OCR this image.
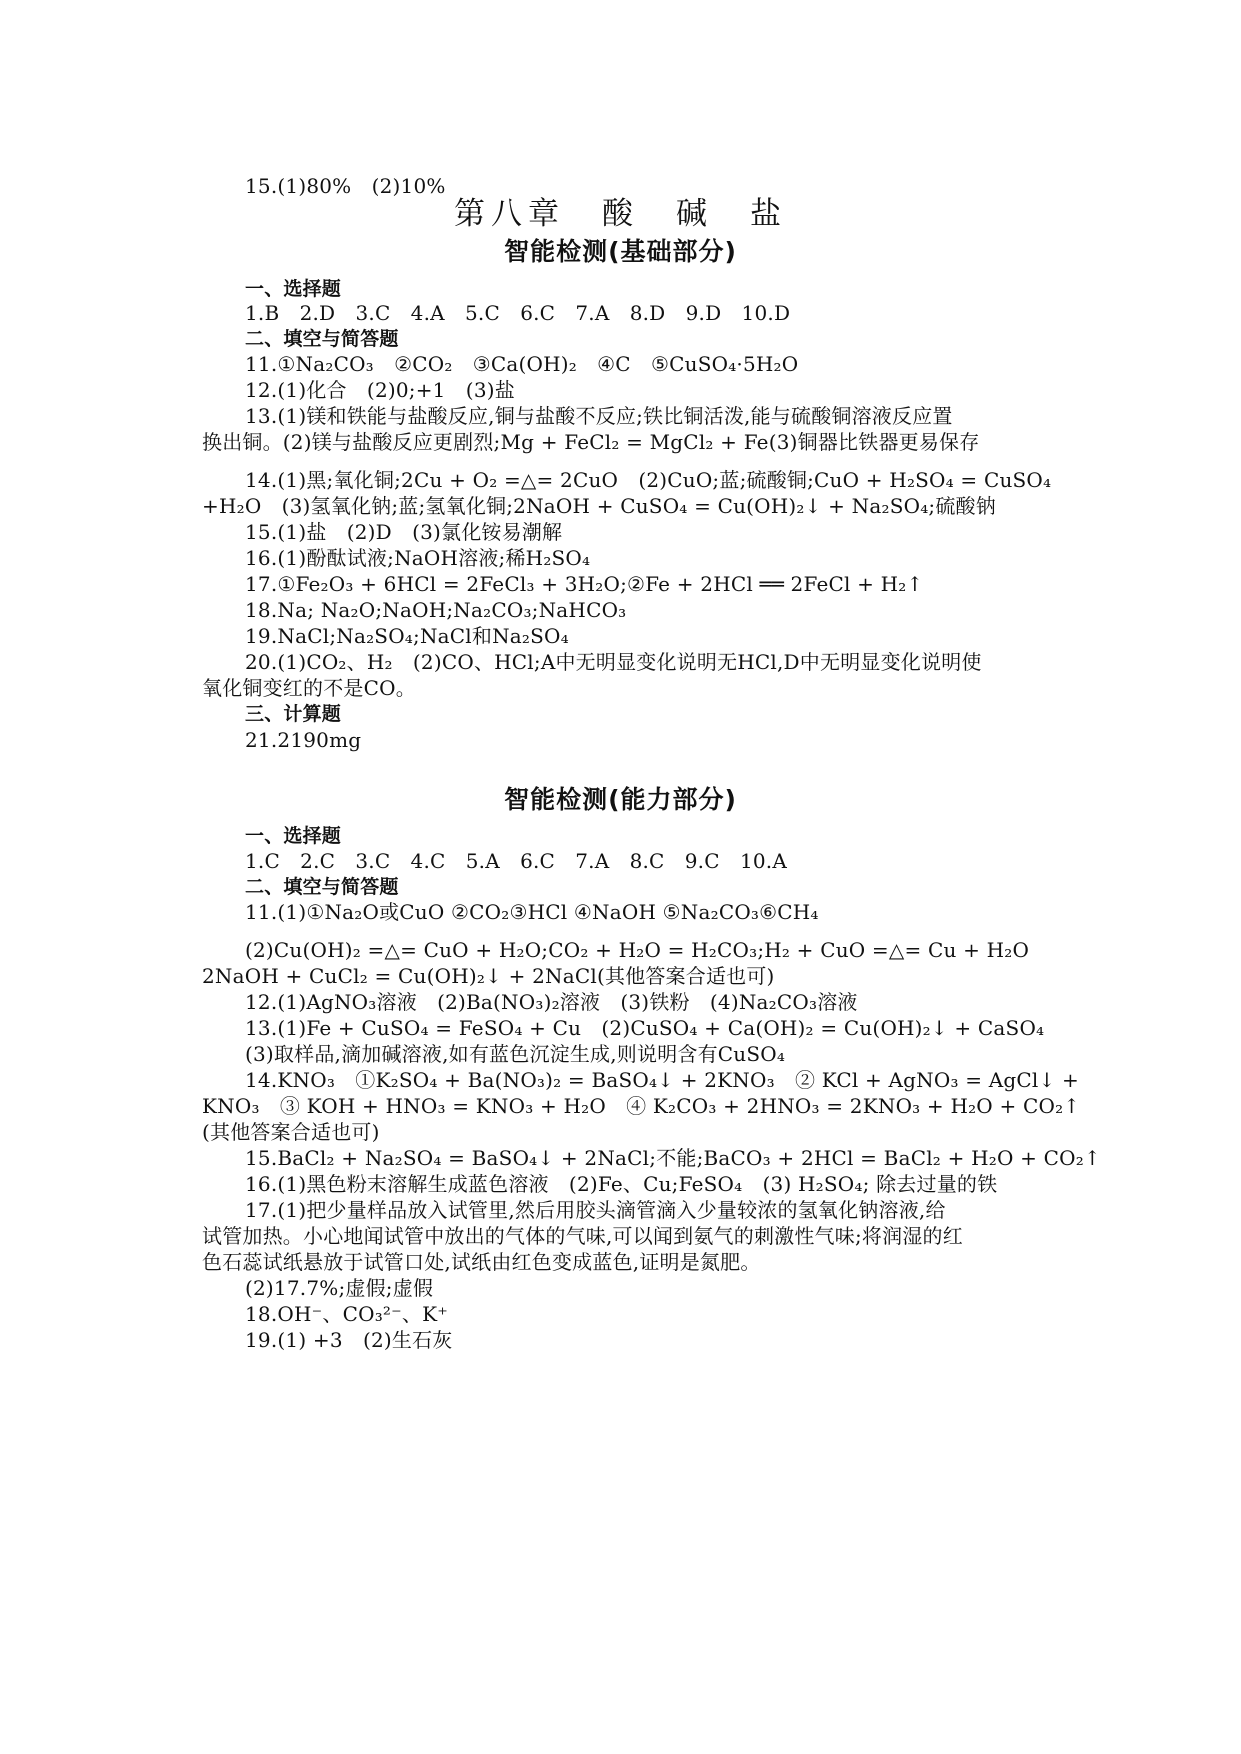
15.(1)80%　(2)10%
第八章　酸　碱　盐
智能检测(基础部分)
一、选择题
1.B　2.D　3.C　4.A　5.C　6.C　7.A　8.D　9.D　10.D
二、填空与简答题
11.①Na₂CO₃　②CO₂　③Ca(OH)₂　④C　⑤CuSO₄·5H₂O
12.(1)化合　(2)0;+1　(3)盐
13.(1)镁和铁能与盐酸反应,铜与盐酸不反应;铁比铜活泼,能与硫酸铜溶液反应置
换出铜。(2)镁与盐酸反应更剧烈;Mg + FeCl₂ = MgCl₂ + Fe(3)铜器比铁器更易保存
14.(1)黑;氧化铜;2Cu + O₂ =△= 2CuO　(2)CuO;蓝;硫酸铜;CuO + H₂SO₄ = CuSO₄
+H₂O　(3)氢氧化钠;蓝;氢氧化铜;2NaOH + CuSO₄ = Cu(OH)₂↓ + Na₂SO₄;硫酸钠
15.(1)盐　(2)D　(3)氯化铵易潮解
16.(1)酚酞试液;NaOH溶液;稀H₂SO₄
17.①Fe₂O₃ + 6HCl = 2FeCl₃ + 3H₂O;②Fe + 2HCl ══ 2FeCl + H₂↑
18.Na; Na₂O;NaOH;Na₂CO₃;NaHCO₃
19.NaCl;Na₂SO₄;NaCl和Na₂SO₄
20.(1)CO₂、H₂　(2)CO、HCl;A中无明显变化说明无HCl,D中无明显变化说明使
氧化铜变红的不是CO。
三、计算题
21.2190mg
智能检测(能力部分)
一、选择题
1.C　2.C　3.C　4.C　5.A　6.C　7.A　8.C　9.C　10.A
二、填空与简答题
11.(1)①Na₂O或CuO ②CO₂③HCl ④NaOH ⑤Na₂CO₃⑥CH₄
(2)Cu(OH)₂ =△= CuO + H₂O;CO₂ + H₂O = H₂CO₃;H₂ + CuO =△= Cu + H₂O
2NaOH + CuCl₂ = Cu(OH)₂↓ + 2NaCl(其他答案合适也可)
12.(1)AgNO₃溶液　(2)Ba(NO₃)₂溶液　(3)铁粉　(4)Na₂CO₃溶液
13.(1)Fe + CuSO₄ = FeSO₄ + Cu　(2)CuSO₄ + Ca(OH)₂ = Cu(OH)₂↓ + CaSO₄
(3)取样品,滴加碱溶液,如有蓝色沉淀生成,则说明含有CuSO₄
14.KNO₃　①K₂SO₄ + Ba(NO₃)₂ = BaSO₄↓ + 2KNO₃　② KCl + AgNO₃ = AgCl↓ +
KNO₃　③ KOH + HNO₃ = KNO₃ + H₂O　④ K₂CO₃ + 2HNO₃ = 2KNO₃ + H₂O + CO₂↑
(其他答案合适也可)
15.BaCl₂ + Na₂SO₄ = BaSO₄↓ + 2NaCl;不能;BaCO₃ + 2HCl = BaCl₂ + H₂O + CO₂↑
16.(1)黑色粉末溶解生成蓝色溶液　(2)Fe、Cu;FeSO₄　(3) H₂SO₄; 除去过量的铁
17.(1)把少量样品放入试管里,然后用胶头滴管滴入少量较浓的氢氧化钠溶液,给
试管加热。小心地闻试管中放出的气体的气味,可以闻到氨气的刺激性气味;将润湿的红
色石蕊试纸悬放于试管口处,试纸由红色变成蓝色,证明是氮肥。
(2)17.7%;虚假;虚假
18.OH⁻、CO₃²⁻、K⁺
19.(1) +3　(2)生石灰
